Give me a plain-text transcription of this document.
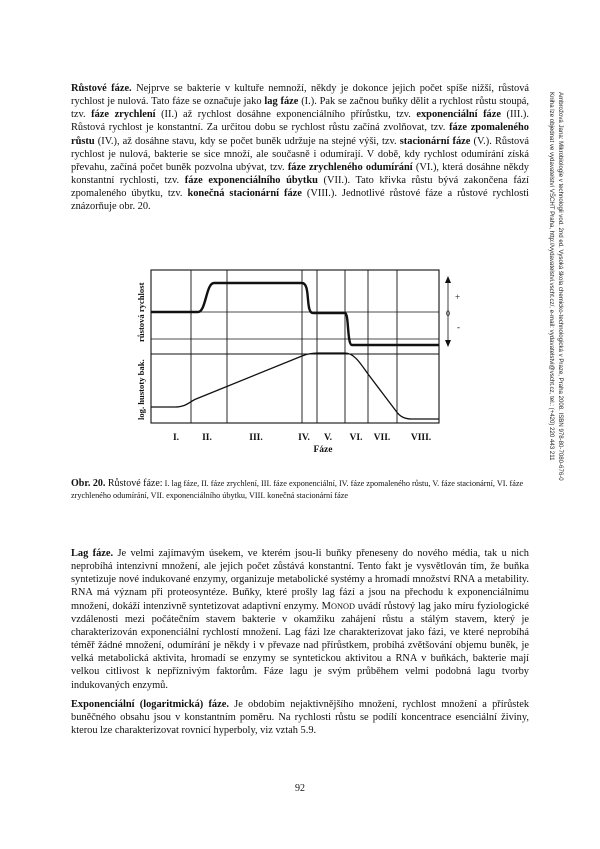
Růstové fáze. Nejprve se bakterie v kultuře nemnoží, někdy je dokonce jejich počet spíše nižší, růstová rychlost je nulová. Tato fáze se označuje jako lag fáze (I.). Pak se začnou buňky dělit a rychlost růstu stoupá, tzv. fáze zrychlení (II.) až rychlost dosáhne exponenciálního přírůstku, tzv. exponenciální fáze (III.). Růstová rychlost je konstantní. Za určitou dobu se rychlost růstu začíná zvolňovat, tzv. fáze zpomaleného růstu (IV.), až dosáhne stavu, kdy se počet buněk udržuje na stejné výši, tzv. stacionární fáze (V.). Růstová rychlost je nulová, bakterie se sice množí, ale současně i odumírají. V době, kdy rychlost odumírání získá převahu, začíná počet buněk pozvolna ubývat, tzv. fáze zrychleného odumírání (VI.), která dosáhne někdy konstantní rychlosti, tzv. fáze exponenciálního úbytku (VII.). Tato křivka růstu bývá zakončena fází zpomaleného úbytku, tzv. konečná stacionární fáze (VIII.). Jednotlivé růstové fáze a růstové rychlosti znázorňuje obr. 20.

+
0
-
růstová rychlost
log. hustoty bak.
I. II.	III.	IV. V. VI. VII. VIII.
Fáze

Obr. 20. Růstové fáze: I. lag fáze, II. fáze zrychlení, III. fáze exponenciální, IV. fáze zpomaleného růstu, V. fáze stacionární, VI. fáze zrychleného odumírání, VII. exponenciálního úbytku, VIII. konečná stacionární fáze

Lag fáze. Je velmi zajímavým úsekem, ve kterém jsou-li buňky přeneseny do nového média, tak u nich neprobíhá intenzivní množení, ale jejich počet zůstává konstantní. Tento fakt je vysvětlován tím, že buňka syntetizuje nové indukované enzymy, organizuje metabolické systémy a hromadí množství RNA a metability. RNA má význam při proteosyntéze. Buňky, které prošly lag fází a jsou na přechodu k exponenciálnímu množení, dokáží intenzivně syntetizovat adaptivní enzymy. MONOD uvádí růstový lag jako míru fyziologické vzdálenosti mezi počátečním stavem bakterie v okamžiku zahájení růstu a stálým stavem, který je charakterizován exponenciální rychlostí množení. Lag fázi lze charakterizovat jako fázi, ve které neprobíhá téměř žádné množení, odumírání je někdy i v převaze nad přírůstkem, probíhá zvětšování objemu buněk, je velká metabolická aktivita, hromadí se enzymy se syntetickou aktivitou a RNA v buňkách, bakterie mají velkou citlivost k nepříznivým faktorům. Fáze lagu je svým průběhem velmi podobná lagu tvorby indukovaných enzymů.

Exponenciální (logaritmická) fáze. Je obdobím nejaktivnějšího množení, rychlost množení a přírůstek buněčného obsahu jsou v konstantním poměru. Na rychlosti růstu se podílí koncentrace esenciální živiny, kterou lze charakterizovat rovnicí hyperboly, viz vztah 5.9.

92
Ambrožová Jana: Mikrobiologie v technologii vod. 2nd ed. Vysoká škola chemicko-technologická v Praze, Praha 2008. ISBN 978-80-7080-676-0
Kniha lze objednat ve vydavatelství VŠCHT Praha, http://vydavatelstvi.vscht.cz/, e-mail: vydavatelstvi@vscht.cz, tel.: (+420) 220 443 211
